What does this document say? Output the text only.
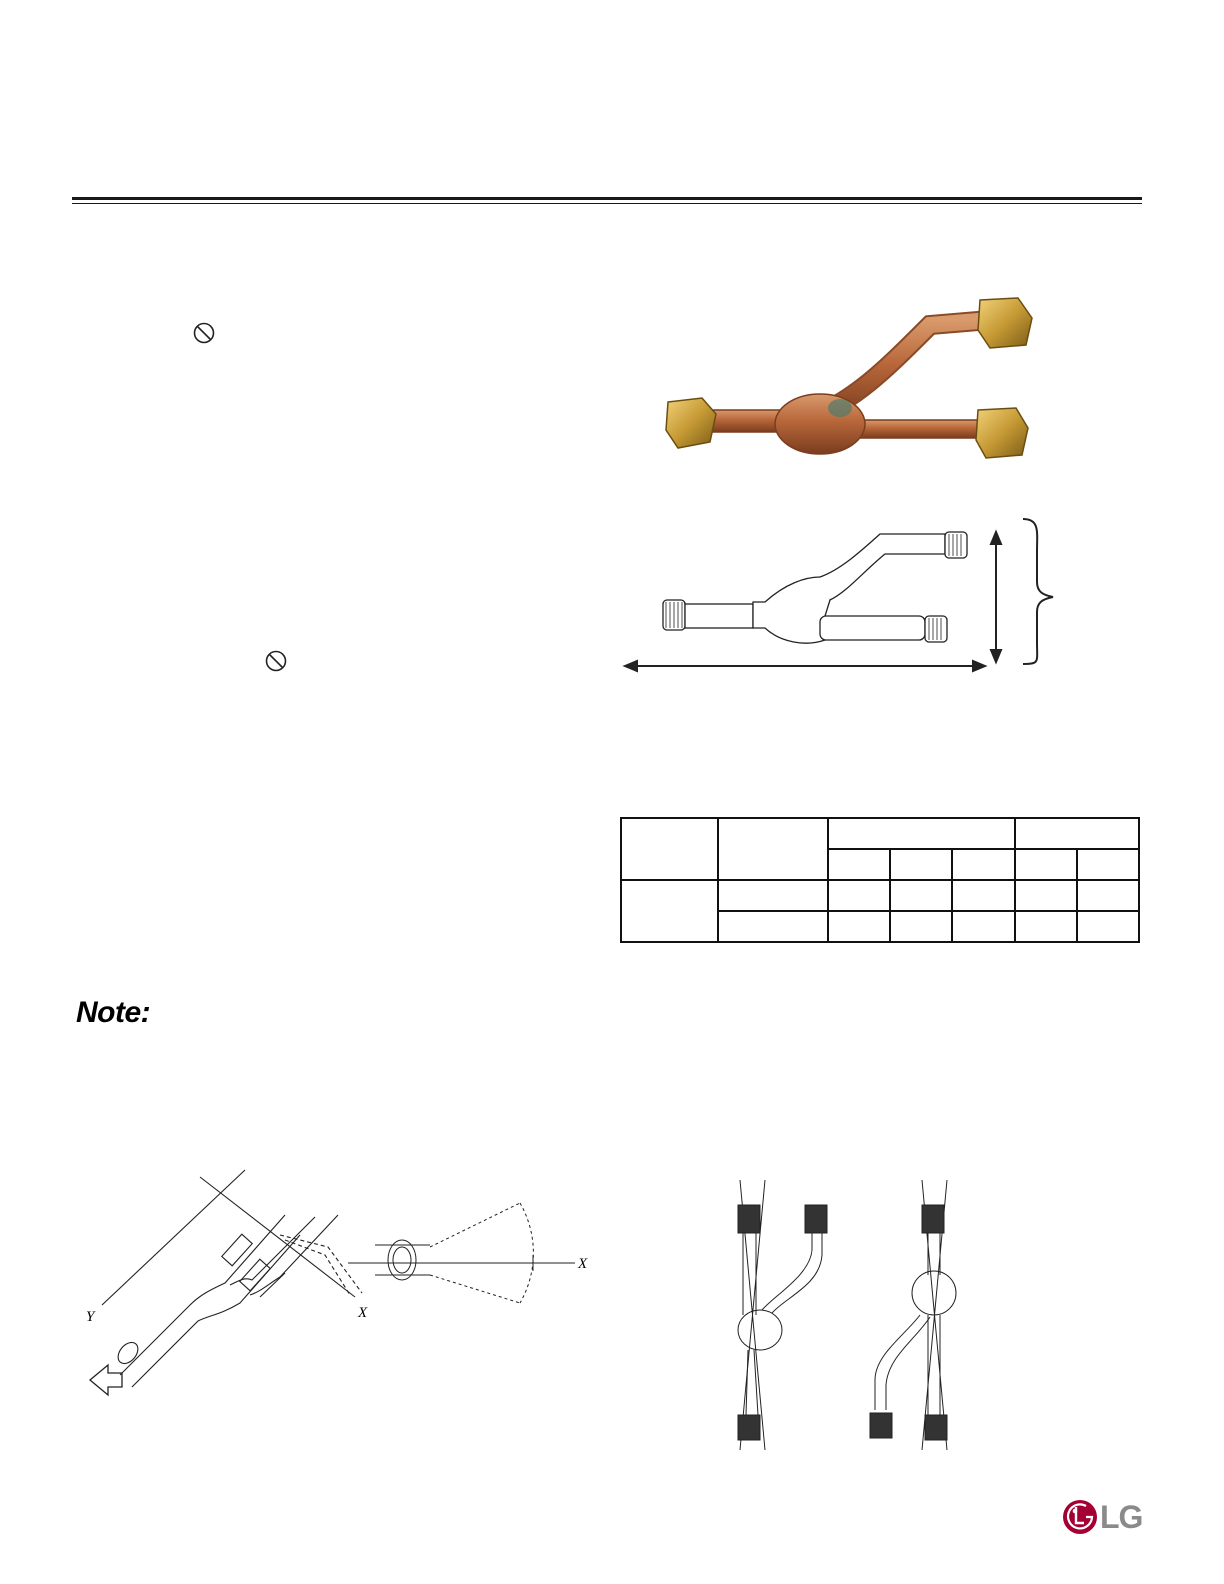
Note:
Y	X
X
LG
